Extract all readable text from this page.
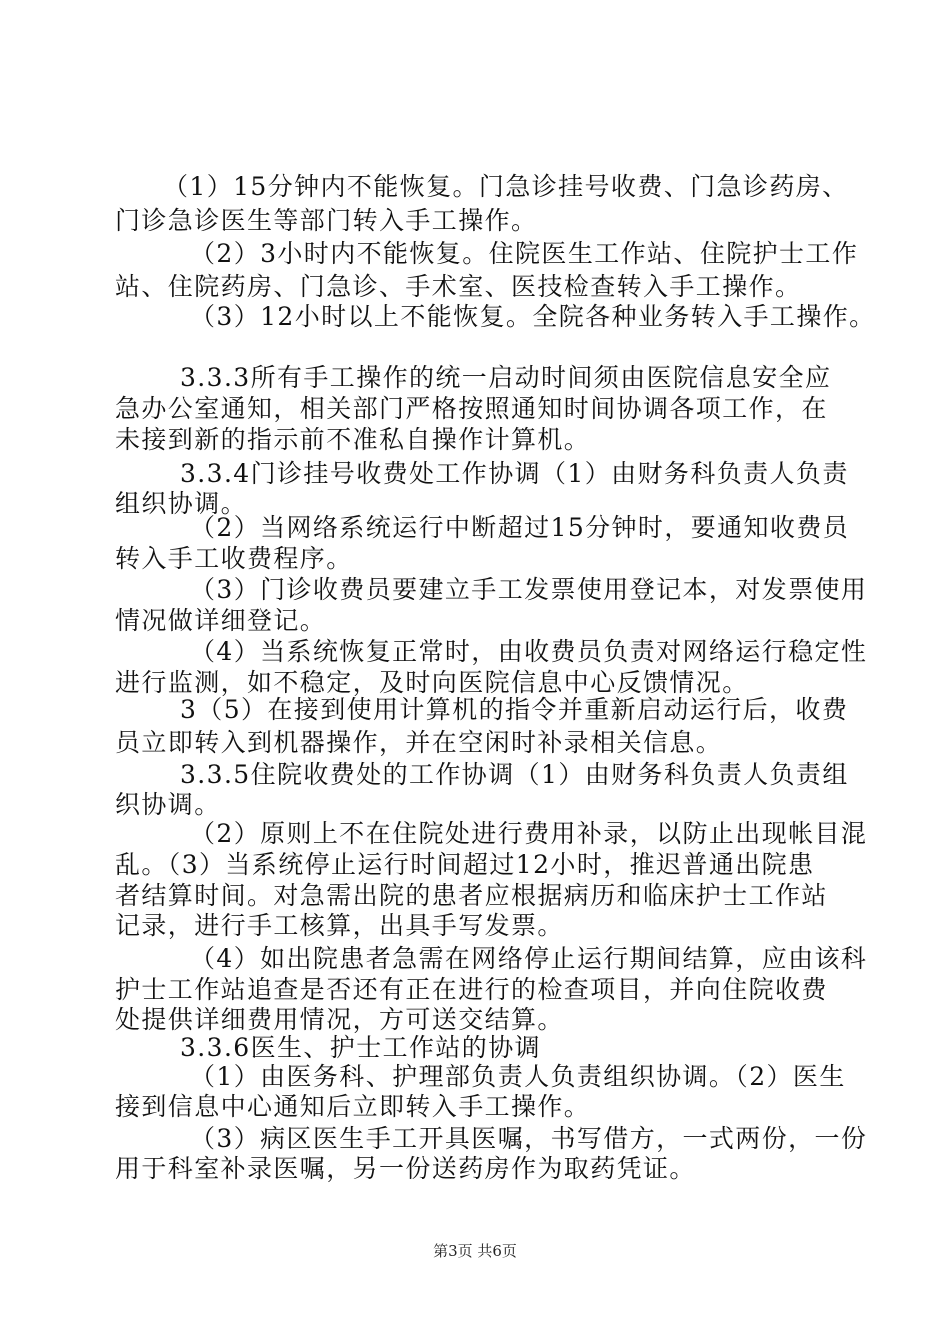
（1）15分钟内不能恢复。门急诊挂号收费、门急诊药房、
门诊急诊医生等部门转入手工操作。
（2）3小时内不能恢复。住院医生工作站、住院护士工作
站、住院药房、门急诊、手术室、医技检查转入手工操作。
（3）12小时以上不能恢复。全院各种业务转入手工操作。
3.3.3所有手工操作的统一启动时间须由医院信息安全应
急办公室通知，相关部门严格按照通知时间协调各项工作，在
未接到新的指示前不准私自操作计算机。
3.3.4门诊挂号收费处工作协调（1）由财务科负责人负责
组织协调。
（2）当网络系统运行中断超过15分钟时，要通知收费员
转入手工收费程序。
（3）门诊收费员要建立手工发票使用登记本，对发票使用
情况做详细登记。
（4）当系统恢复正常时，由收费员负责对网络运行稳定性
进行监测，如不稳定，及时向医院信息中心反馈情况。
3（5）在接到使用计算机的指令并重新启动运行后，收费
员立即转入到机器操作，并在空闲时补录相关信息。
3.3.5住院收费处的工作协调（1）由财务科负责人负责组
织协调。
（2）原则上不在住院处进行费用补录，以防止出现帐目混
乱。（3）当系统停止运行时间超过12小时，推迟普通出院患
者结算时间。对急需出院的患者应根据病历和临床护士工作站
记录，进行手工核算，出具手写发票。
（4）如出院患者急需在网络停止运行期间结算，应由该科
护士工作站追查是否还有正在进行的检查项目，并向住院收费
处提供详细费用情况，方可送交结算。
3.3.6医生、护士工作站的协调
（1）由医务科、护理部负责人负责组织协调。（2）医生
接到信息中心通知后立即转入手工操作。
（3）病区医生手工开具医嘱，书写借方，一式两份，一份
用于科室补录医嘱，另一份送药房作为取药凭证。
第3页 共6页
